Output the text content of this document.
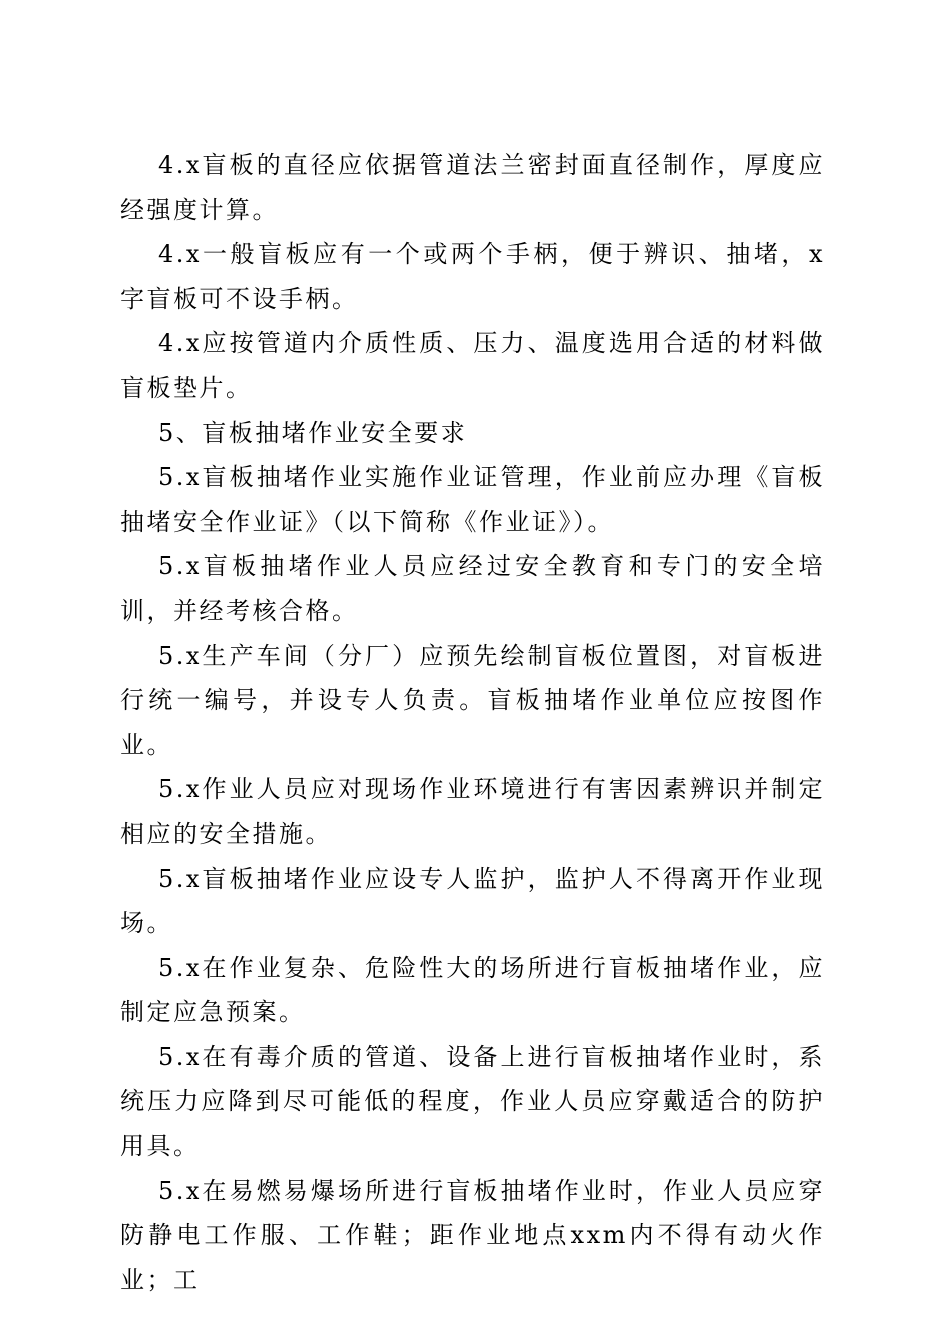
4.x盲板的直径应依据管道法兰密封面直径制作，厚度应经强度计算。

4.x一般盲板应有一个或两个手柄，便于辨识、抽堵，x字盲板可不设手柄。

4.x应按管道内介质性质、压力、温度选用合适的材料做盲板垫片。

5、盲板抽堵作业安全要求

5.x盲板抽堵作业实施作业证管理，作业前应办理《盲板抽堵安全作业证》（以下简称《作业证》）。

5.x盲板抽堵作业人员应经过安全教育和专门的安全培训，并经考核合格。

5.x生产车间（分厂）应预先绘制盲板位置图，对盲板进行统一编号，并设专人负责。盲板抽堵作业单位应按图作业。

5.x作业人员应对现场作业环境进行有害因素辨识并制定相应的安全措施。

5.x盲板抽堵作业应设专人监护，监护人不得离开作业现场。

5.x在作业复杂、危险性大的场所进行盲板抽堵作业，应制定应急预案。

5.x在有毒介质的管道、设备上进行盲板抽堵作业时，系统压力应降到尽可能低的程度，作业人员应穿戴适合的防护用具。

5.x在易燃易爆场所进行盲板抽堵作业时，作业人员应穿防静电工作服、工作鞋；距作业地点xxm内不得有动火作业；工
